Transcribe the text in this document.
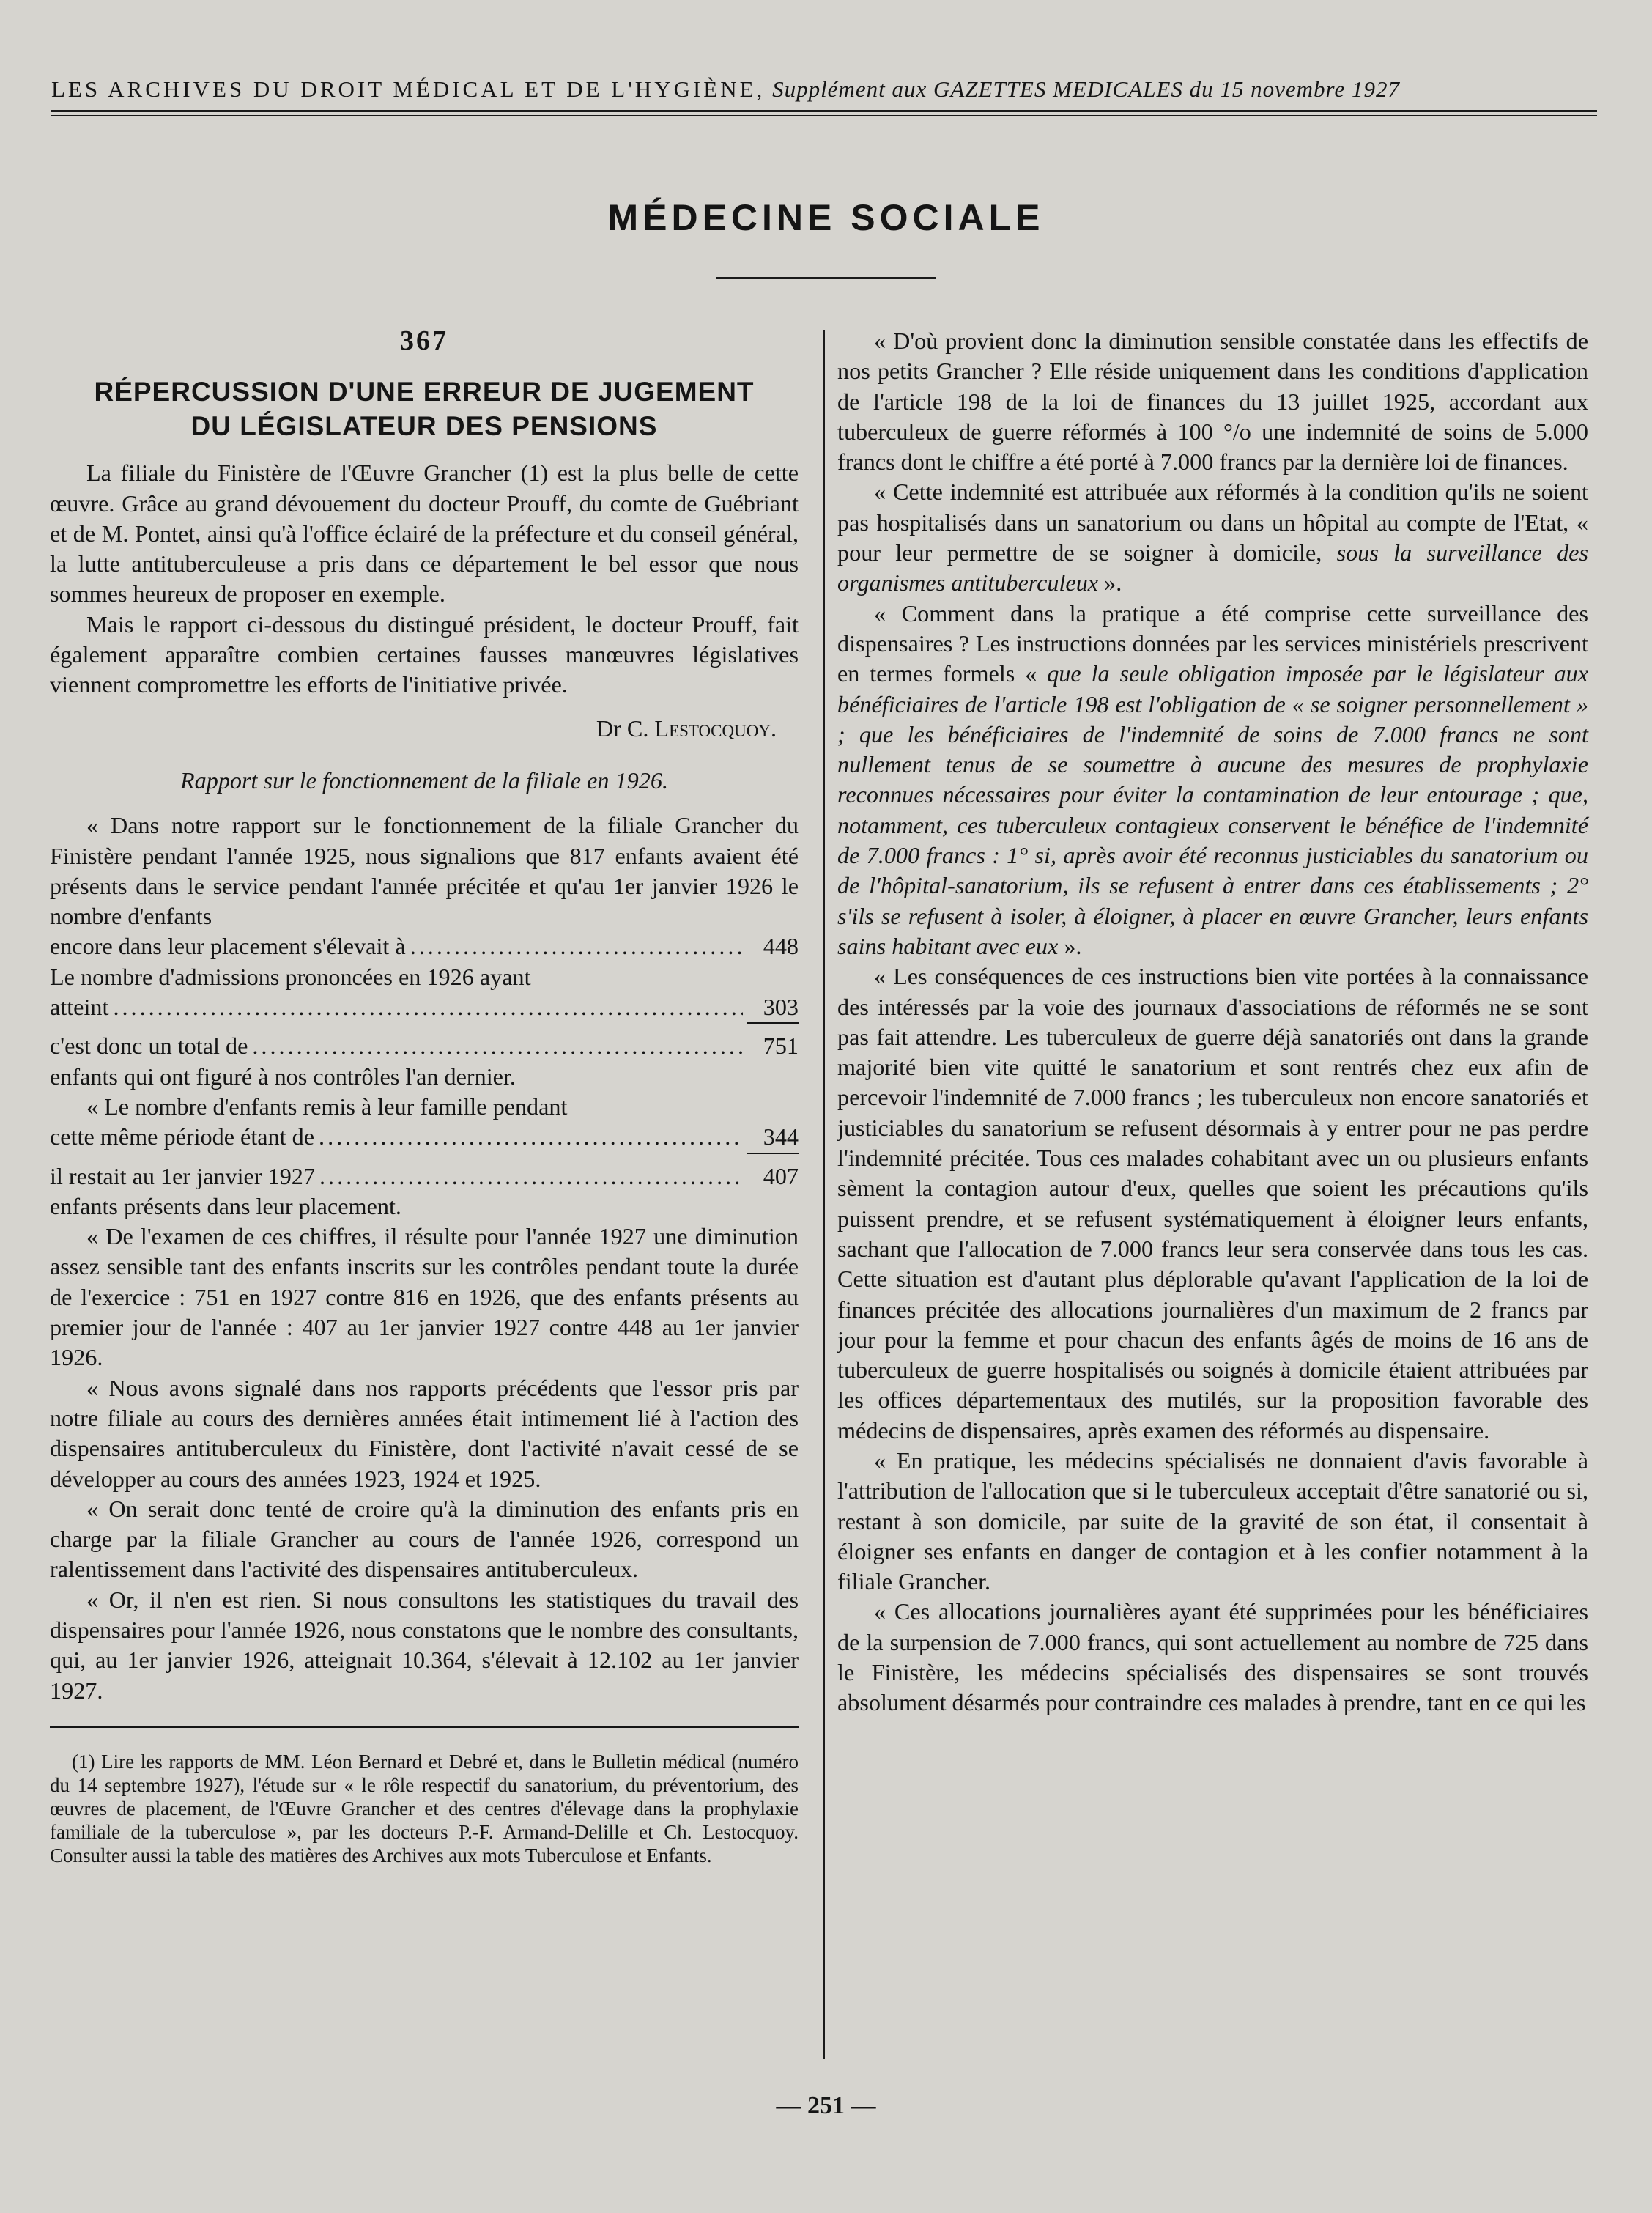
LES ARCHIVES DU DROIT MÉDICAL ET DE L'HYGIÈNE, Supplément aux GAZETTES MEDICALES du 15 novembre 1927
MÉDECINE SOCIALE
367
RÉPERCUSSION D'UNE ERREUR DE JUGEMENT
DU LÉGISLATEUR DES PENSIONS

La filiale du Finistère de l'Œuvre Grancher (1) est la plus belle de cette œuvre. Grâce au grand dévouement du docteur Prouff, du comte de Guébriant et de M. Pontet, ainsi qu'à l'office éclairé de la préfecture et du conseil général, la lutte antituberculeuse a pris dans ce département le bel essor que nous sommes heureux de proposer en exemple.

Mais le rapport ci-dessous du distingué président, le docteur Prouff, fait également apparaître combien certaines fausses manœuvres législatives viennent compromettre les efforts de l'initiative privée.

Dr C. Lestocquoy.
Rapport sur le fonctionnement de la filiale en 1926.

« Dans notre rapport sur le fonctionnement de la filiale Grancher du Finistère pendant l'année 1925, nous signalions que 817 enfants avaient été présents dans le service pendant l'année précitée et qu'au 1er janvier 1926 le nombre d'enfants

encore dans leur placement s'élevait à .....	448
Le nombre d'admissions prononcées en 1926 ayant
atteint .....	303
c'est donc un total de .....	751
enfants qui ont figuré à nos contrôles l'an dernier.
« Le nombre d'enfants remis à leur famille pendant
cette même période étant de .....	344
il restait au 1er janvier 1927 .....	407
enfants présents dans leur placement.

« De l'examen de ces chiffres, il résulte pour l'année 1927 une diminution assez sensible tant des enfants inscrits sur les contrôles pendant toute la durée de l'exercice : 751 en 1927 contre 816 en 1926, que des enfants présents au premier jour de l'année : 407 au 1er janvier 1927 contre 448 au 1er janvier 1926.

« Nous avons signalé dans nos rapports précédents que l'essor pris par notre filiale au cours des dernières années était intimement lié à l'action des dispensaires antituberculeux du Finistère, dont l'activité n'avait cessé de se développer au cours des années 1923, 1924 et 1925.

« On serait donc tenté de croire qu'à la diminution des enfants pris en charge par la filiale Grancher au cours de l'année 1926, correspond un ralentissement dans l'activité des dispensaires antituberculeux.

« Or, il n'en est rien. Si nous consultons les statistiques du travail des dispensaires pour l'année 1926, nous constatons que le nombre des consultants, qui, au 1er janvier 1926, atteignait 10.364, s'élevait à 12.102 au 1er janvier 1927.

(1) Lire les rapports de MM. Léon Bernard et Debré et, dans le Bulletin médical (numéro du 14 septembre 1927), l'étude sur « le rôle respectif du sanatorium, du préventorium, des œuvres de placement, de l'Œuvre Grancher et des centres d'élevage dans la prophylaxie familiale de la tuberculose », par les docteurs P.-F. Armand-Delille et Ch. Lestocquoy. Consulter aussi la table des matières des Archives aux mots Tuberculose et Enfants.

« D'où provient donc la diminution sensible constatée dans les effectifs de nos petits Grancher ? Elle réside uniquement dans les conditions d'application de l'article 198 de la loi de finances du 13 juillet 1925, accordant aux tuberculeux de guerre réformés à 100 °/o une indemnité de soins de 5.000 francs dont le chiffre a été porté à 7.000 francs par la dernière loi de finances.

« Cette indemnité est attribuée aux réformés à la condition qu'ils ne soient pas hospitalisés dans un sanatorium ou dans un hôpital au compte de l'Etat, « pour leur permettre de se soigner à domicile, sous la surveillance des organismes antituberculeux ».

« Comment dans la pratique a été comprise cette surveillance des dispensaires ? Les instructions données par les services ministériels prescrivent en termes formels « que la seule obligation imposée par le législateur aux bénéficiaires de l'article 198 est l'obligation de « se soigner personnellement » ; que les bénéficiaires de l'indemnité de soins de 7.000 francs ne sont nullement tenus de se soumettre à aucune des mesures de prophylaxie reconnues nécessaires pour éviter la contamination de leur entourage ; que, notamment, ces tuberculeux contagieux conservent le bénéfice de l'indemnité de 7.000 francs : 1° si, après avoir été reconnus justiciables du sanatorium ou de l'hôpital-sanatorium, ils se refusent à entrer dans ces établissements ; 2° s'ils se refusent à isoler, à éloigner, à placer en œuvre Grancher, leurs enfants sains habitant avec eux ».

« Les conséquences de ces instructions bien vite portées à la connaissance des intéressés par la voie des journaux d'associations de réformés ne se sont pas fait attendre. Les tuberculeux de guerre déjà sanatoriés ont dans la grande majorité bien vite quitté le sanatorium et sont rentrés chez eux afin de percevoir l'indemnité de 7.000 francs ; les tuberculeux non encore sanatoriés et justiciables du sanatorium se refusent désormais à y entrer pour ne pas perdre l'indemnité précitée. Tous ces malades cohabitant avec un ou plusieurs enfants sèment la contagion autour d'eux, quelles que soient les précautions qu'ils puissent prendre, et se refusent systématiquement à éloigner leurs enfants, sachant que l'allocation de 7.000 francs leur sera conservée dans tous les cas. Cette situation est d'autant plus déplorable qu'avant l'application de la loi de finances précitée des allocations journalières d'un maximum de 2 francs par jour pour la femme et pour chacun des enfants âgés de moins de 16 ans de tuberculeux de guerre hospitalisés ou soignés à domicile étaient attribuées par les offices départementaux des mutilés, sur la proposition favorable des médecins de dispensaires, après examen des réformés au dispensaire.

« En pratique, les médecins spécialisés ne donnaient d'avis favorable à l'attribution de l'allocation que si le tuberculeux acceptait d'être sanatorié ou si, restant à son domicile, par suite de la gravité de son état, il consentait à éloigner ses enfants en danger de contagion et à les confier notamment à la filiale Grancher.

« Ces allocations journalières ayant été supprimées pour les bénéficiaires de la surpension de 7.000 francs, qui sont actuellement au nombre de 725 dans le Finistère, les médecins spécialisés des dispensaires se sont trouvés absolument désarmés pour contraindre ces malades à prendre, tant en ce qui les

— 251 —
